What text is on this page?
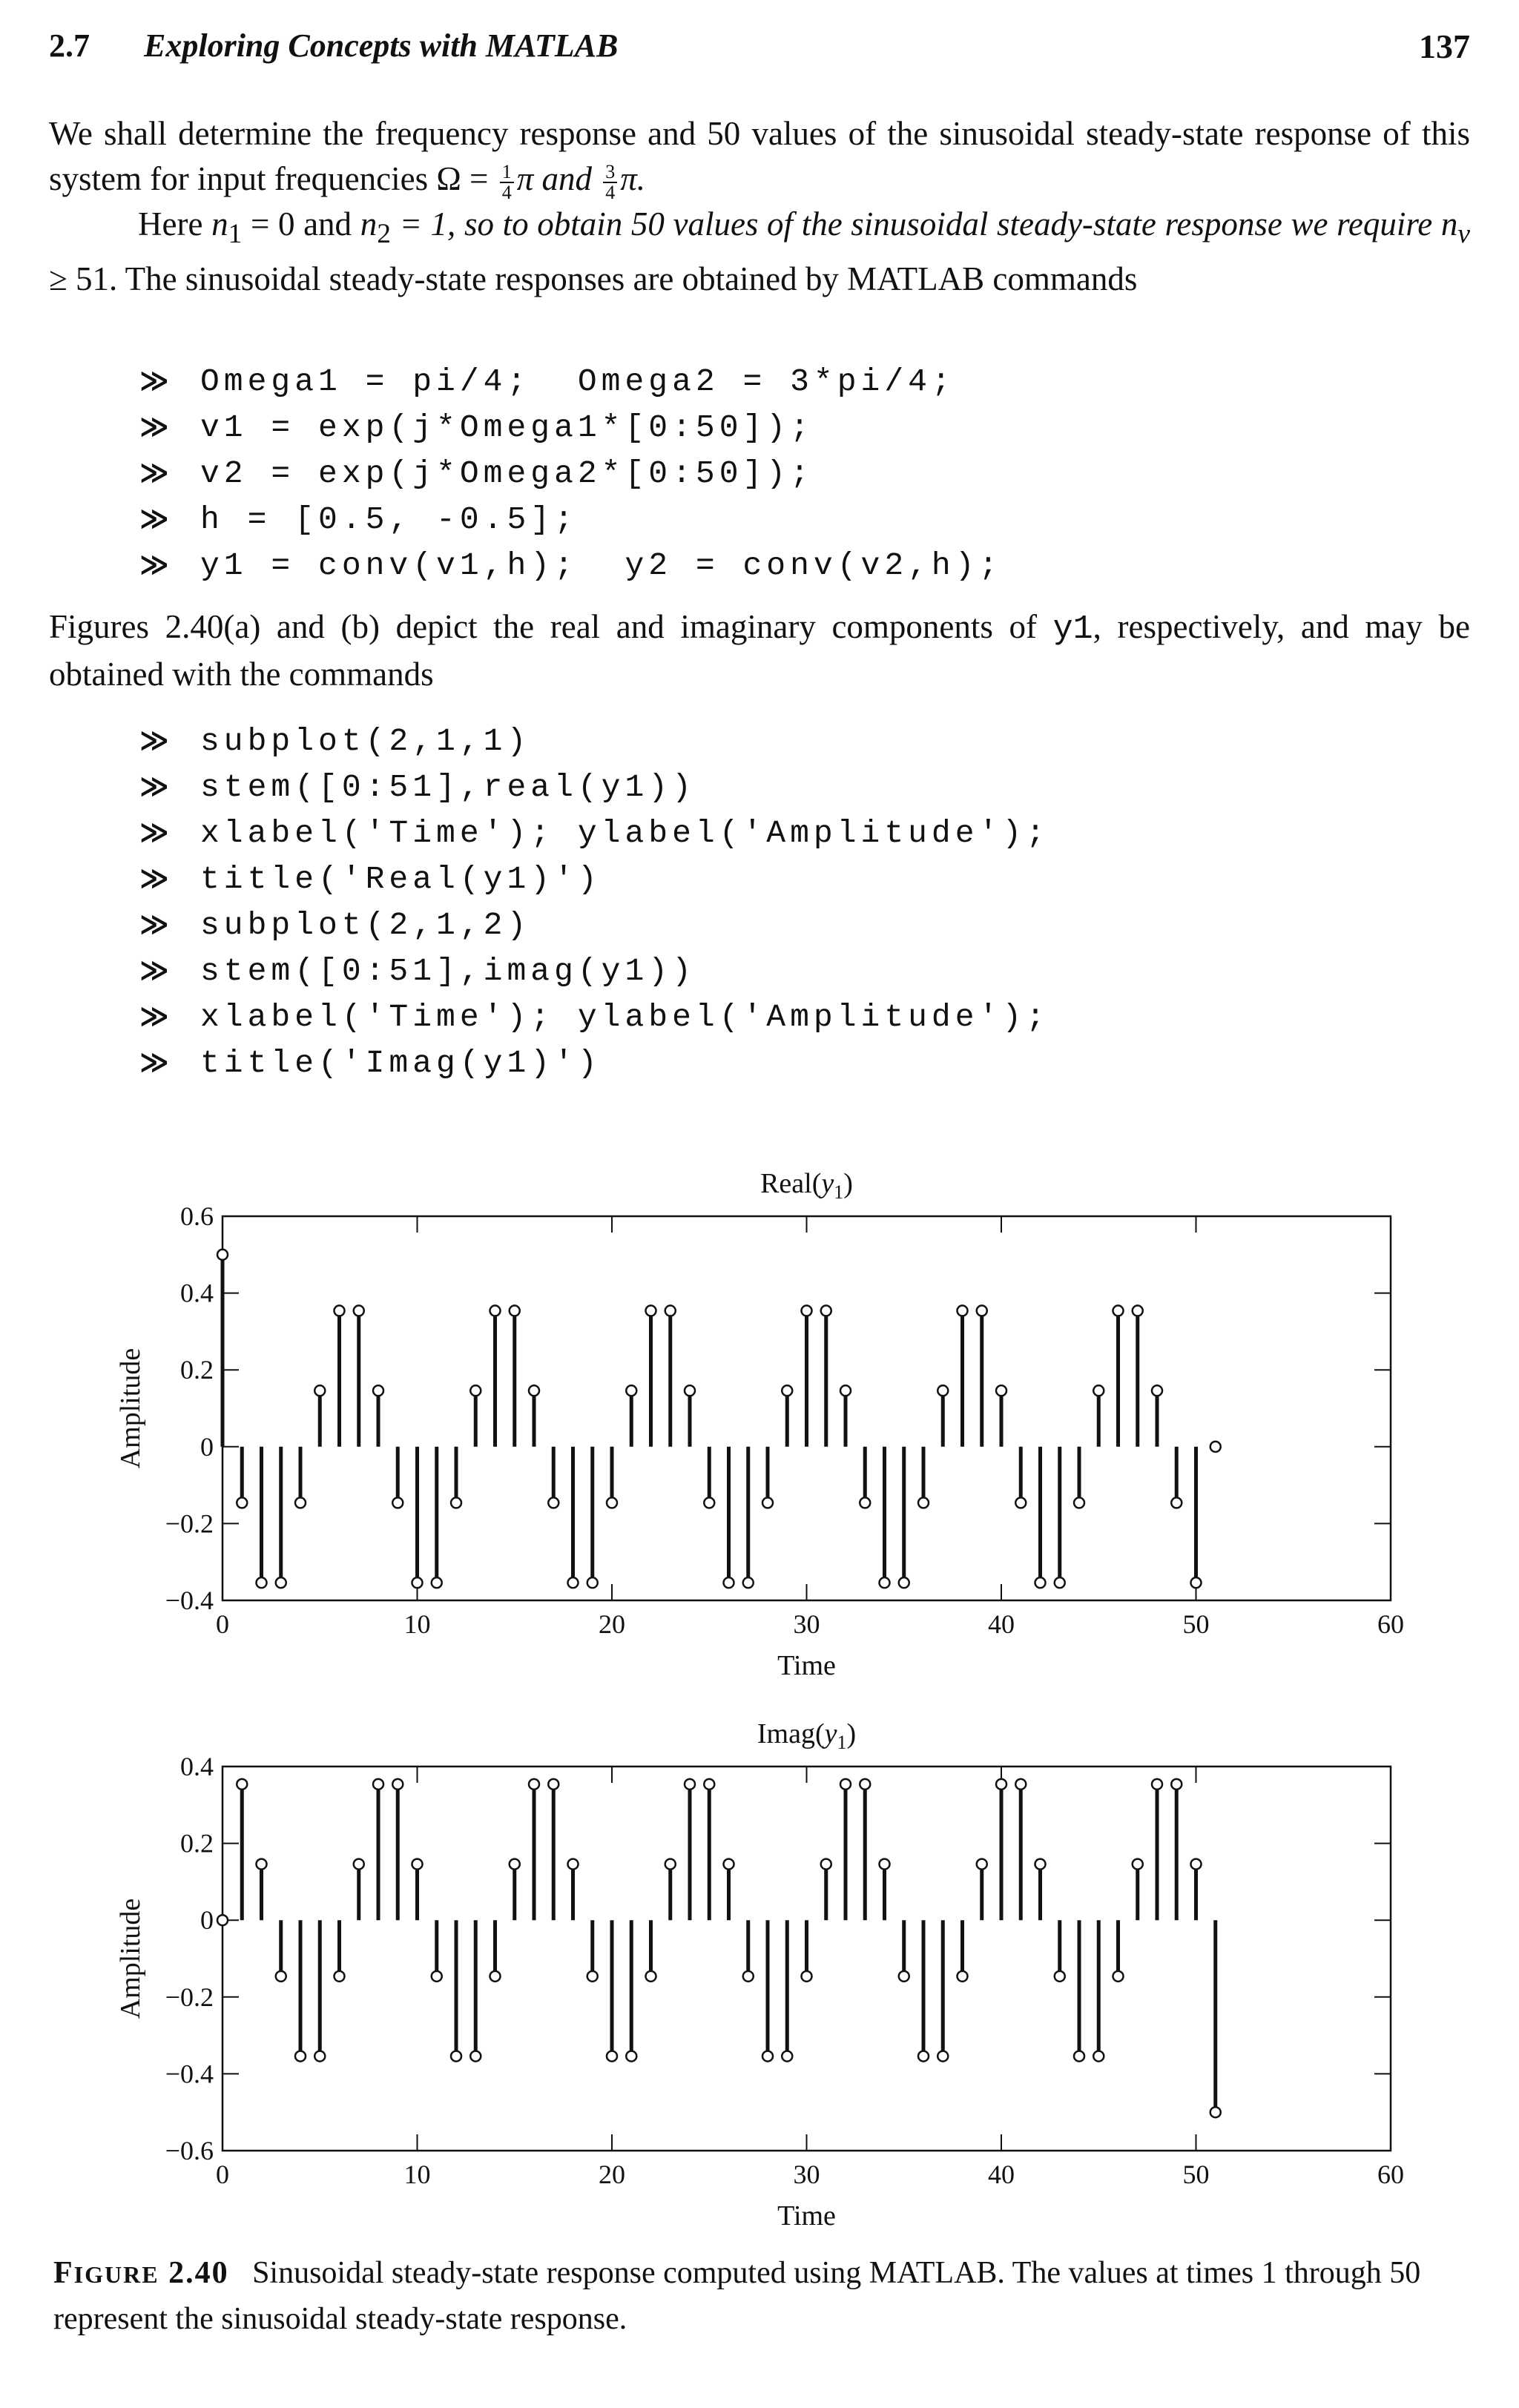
2.7 Exploring Concepts with MATLAB	137
We shall determine the frequency response and 50 values of the sinusoidal steady-state response of this system for input frequencies $\Omega = \frac{1}{4}$ π and $\frac{3}{4} \pi$.
Here $n_1 = 0$ and $n_2 = 1$, so to obtain 50 values of the sinusoidal steady-state response we require $n_v \ge 51$. The sinusoidal steady-state responses are obtained by MATLAB commands
≫ Omega1 = pi/4;  Omega2 = 3*pi/4;
≫ v1 = exp(j*Omega1*[0:50]);
≫ v2 = exp(j*Omega2*[0:50]);
≫ h = [0.5, -0.5];
≫ y1 = conv(v1,h);  y2 = conv(v2,h);
Figures 2.40(a) and (b) depict the real and imaginary components of y1, respectively, and may be obtained with the commands
≫ subplot(2,1,1)
≫ stem([0:51],real(y1))
≫ xlabel('Time'); ylabel('Amplitude');
≫ title('Real(y1)')
≫ subplot(2,1,2)
≫ stem([0:51],imag(y1))
≫ xlabel('Time'); ylabel('Amplitude');
≫ title('Imag(y1)')
0	10	20	30	40	50	60
−0.4
−0.2
0
0.2
0.4
0.6
$Real(y_1)$
Time
Amplitude
0	10	20	30	40	50	60
−0.6
−0.4
−0.2
0
0.2
0.4
$Imag(y_1)$
Time
Amplitude
FIGURE 2.40 Sinusoidal steady-state response computed using MATLAB. The values at times 1 through 50 represent the sinusoidal steady-state response.
